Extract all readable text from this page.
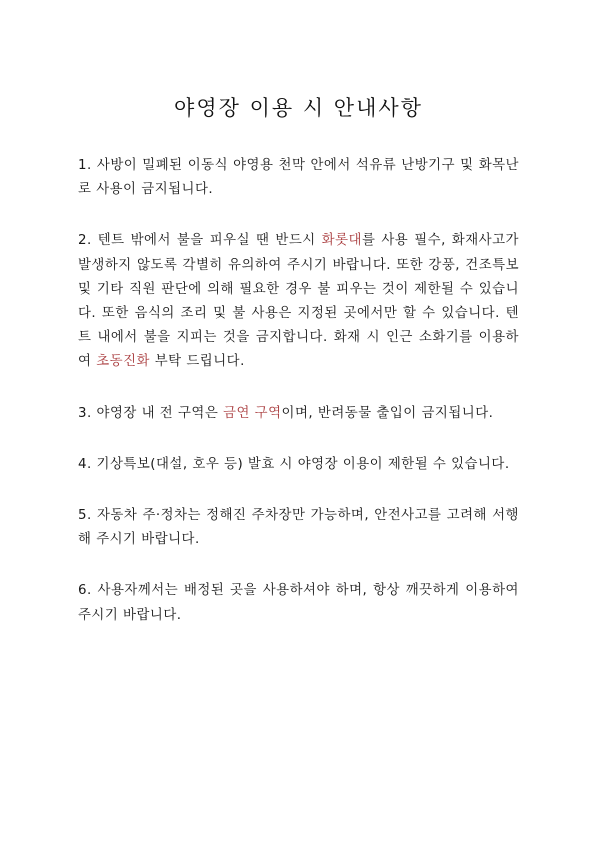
야영장 이용 시 안내사항

1. 사방이 밀폐된 이동식 야영용 천막 안에서 석유류 난방기구 및 화목난로 사용이 금지됩니다.

2. 텐트 밖에서 불을 피우실 땐 반드시 화롯대를 사용 필수, 화재사고가 발생하지 않도록 각별히 유의하여 주시기 바랍니다. 또한 강풍, 건조특보 및 기타 직원 판단에 의해 필요한 경우 불 피우는 것이 제한될 수 있습니다. 또한 음식의 조리 및 불 사용은 지정된 곳에서만 할 수 있습니다. 텐트 내에서 불을 지피는 것을 금지합니다. 화재 시 인근 소화기를 이용하여 초동진화 부탁 드립니다.

3. 야영장 내 전 구역은 금연 구역이며, 반려동물 출입이 금지됩니다.

4. 기상특보(대설, 호우 등) 발효 시 야영장 이용이 제한될 수 있습니다.

5. 자동차 주·정차는 정해진 주차장만 가능하며, 안전사고를 고려해 서행해 주시기 바랍니다.

6. 사용자께서는 배정된 곳을 사용하셔야 하며, 항상 깨끗하게 이용하여 주시기 바랍니다.
